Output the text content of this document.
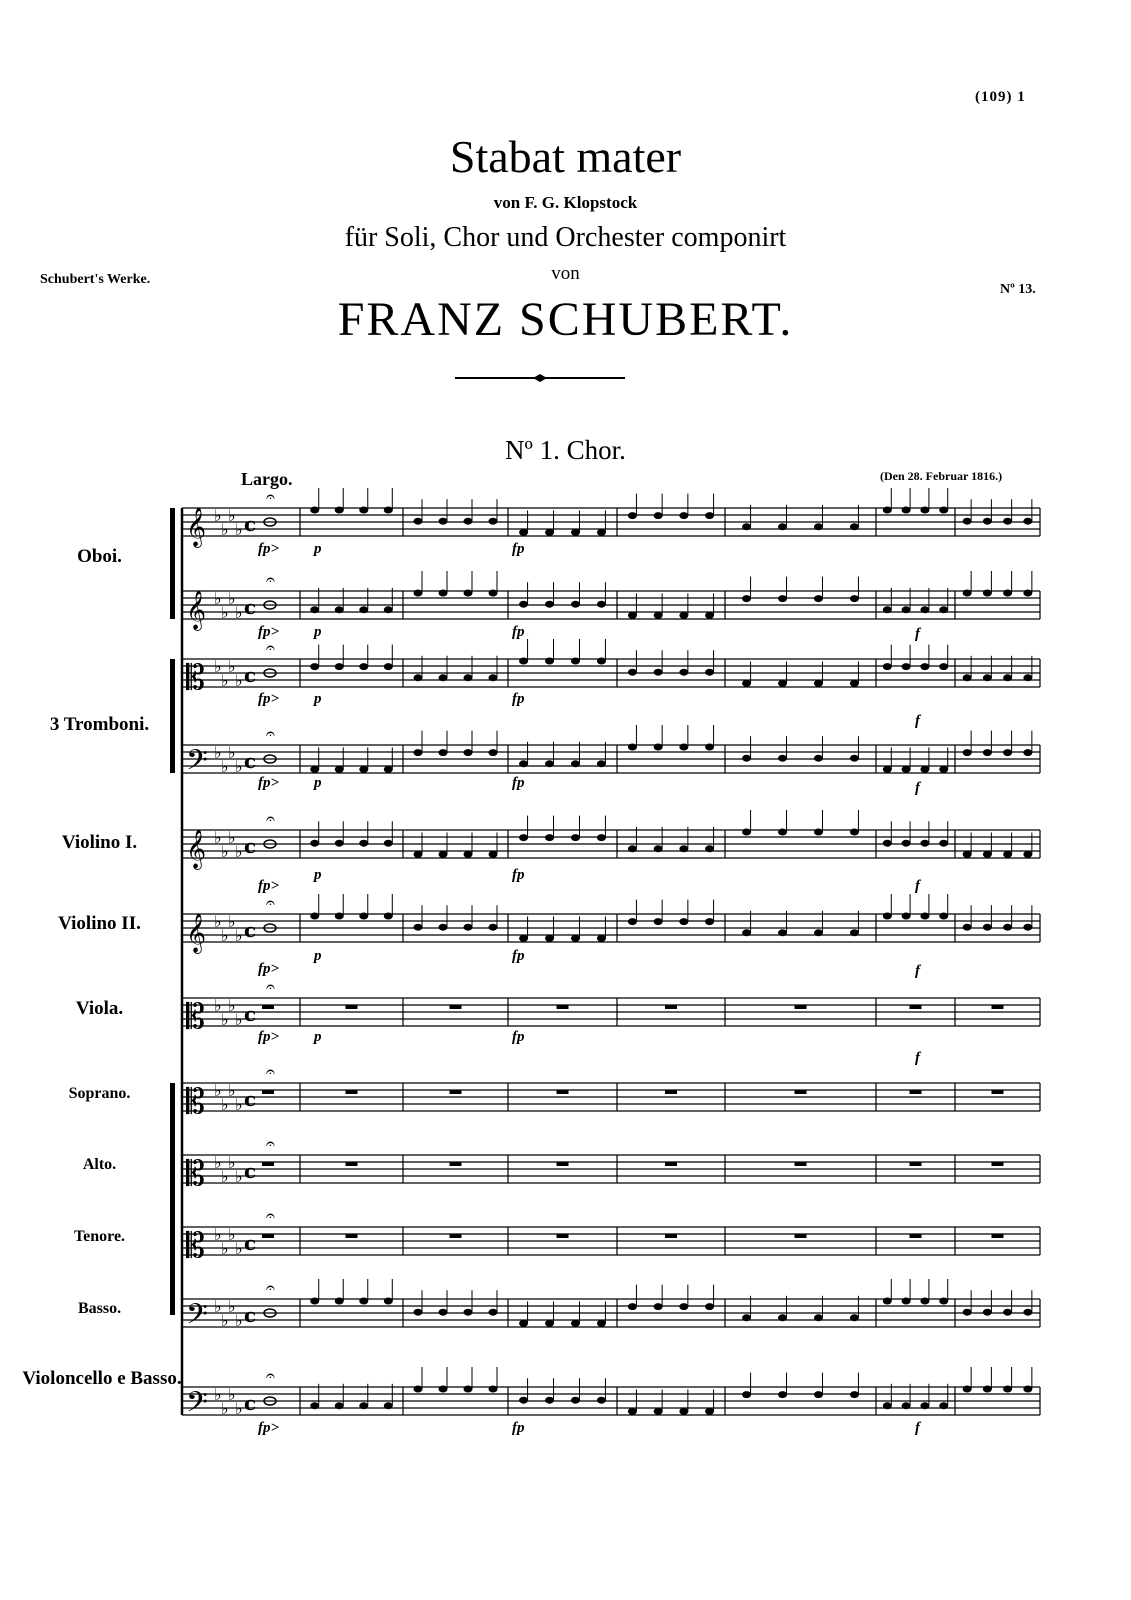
(109) 1
Stabat mater
von F. G. Klopstock
für Soli, Chor und Orchester componirt
von
FRANZ SCHUBERT.
Schubert's Werke.
Nº 13.
Nº 1. Chor.
Largo.	(Den 28. Februar 1816.)
Oboi.
3 Tromboni.
Violino I.
Violino II.
Viola.
Soprano.
Alto.
Tenore.
Basso.
Violoncello e Basso.
𝄞 ♭
♭
♭
♭ c
𝄐
𝄞 ♭
♭
♭
♭ c
𝄐
𝄡 ♭
♭
♭
♭ c
𝄐
𝄢 ♭
♭
♭
♭ c
𝄐
𝄞 ♭
♭
♭
♭ c
𝄐
𝄞 ♭
♭
♭
♭ c
𝄐
𝄡 ♭
♭
♭
♭ c
𝄐
𝄡 ♭
♭
♭
♭ c
𝄐
𝄡 ♭
♭
♭
♭ c
𝄐
𝄡 ♭
♭
♭
♭ c
𝄐
𝄢 ♭
♭
♭
♭ c
𝄐
𝄢 ♭
♭
♭
♭ c
𝄐
fp> p	fp
fp> p	fp
fp> p	fp
fp> p	fp
fp>
p	fp
fp>
p	fp
fp> p	fp
fp>	fp
f
f
f
f
f
f
f
